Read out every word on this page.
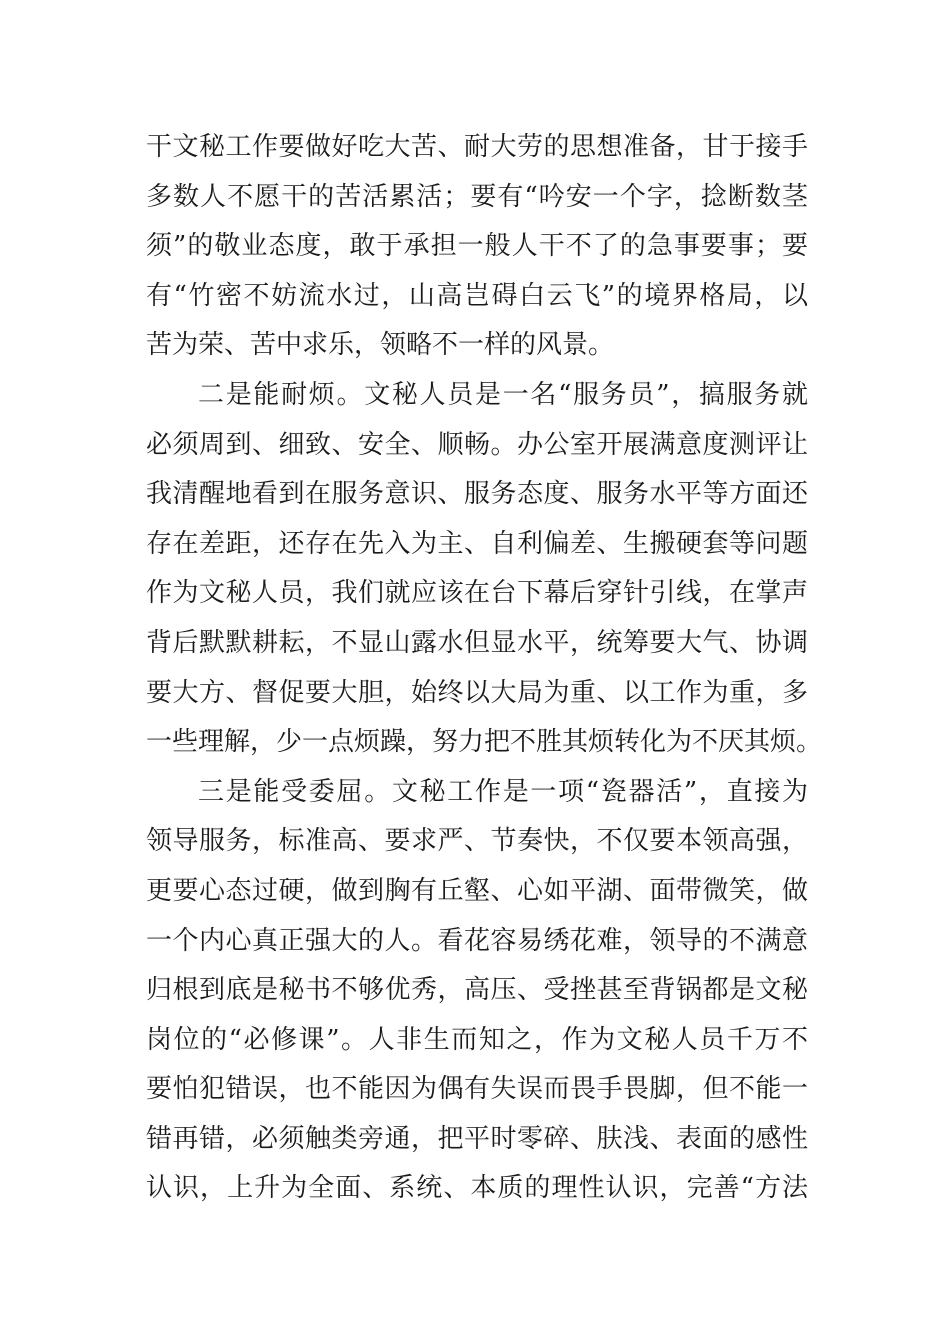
干文秘工作要做好吃大苦、耐大劳的思想准备，甘于接手
多数人不愿干的苦活累活；要有“吟安一个字，捻断数茎
须”的敬业态度，敢于承担一般人干不了的急事要事；要
有“竹密不妨流水过，山高岂碍白云飞”的境界格局，以
苦为荣、苦中求乐，领略不一样的风景。
二是能耐烦。文秘人员是一名“服务员”，搞服务就
必须周到、细致、安全、顺畅。办公室开展满意度测评让
我清醒地看到在服务意识、服务态度、服务水平等方面还
存在差距，还存在先入为主、自利偏差、生搬硬套等问题
作为文秘人员，我们就应该在台下幕后穿针引线，在掌声
背后默默耕耘，不显山露水但显水平，统筹要大气、协调
要大方、督促要大胆，始终以大局为重、以工作为重，多
一些理解，少一点烦躁，努力把不胜其烦转化为不厌其烦。
三是能受委屈。文秘工作是一项“瓷器活”，直接为
领导服务，标准高、要求严、节奏快，不仅要本领高强，
更要心态过硬，做到胸有丘壑、心如平湖、面带微笑，做
一个内心真正强大的人。看花容易绣花难，领导的不满意
归根到底是秘书不够优秀，高压、受挫甚至背锅都是文秘
岗位的“必修课”。人非生而知之，作为文秘人员千万不
要怕犯错误，也不能因为偶有失误而畏手畏脚，但不能一
错再错，必须触类旁通，把平时零碎、肤浅、表面的感性
认识，上升为全面、系统、本质的理性认识，完善“方法
